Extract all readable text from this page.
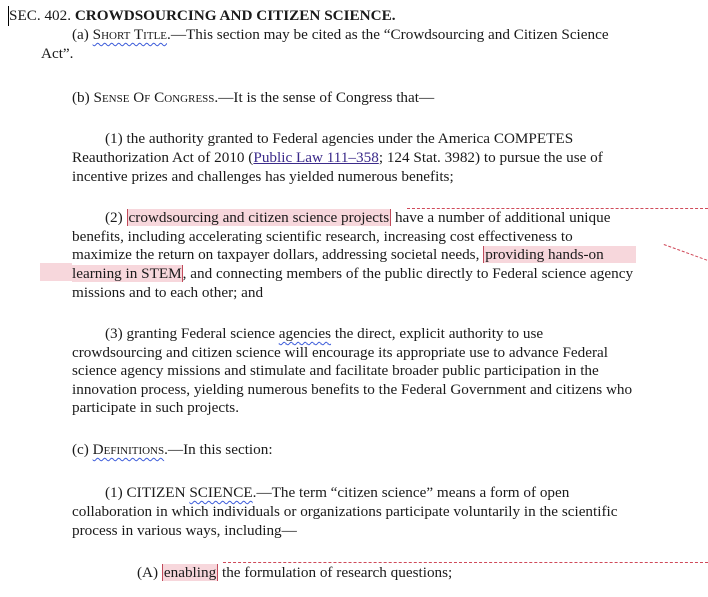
SEC. 402. CROWDSOURCING AND CITIZEN SCIENCE.
(a) Short Title.—This section may be cited as the “Crowdsourcing and Citizen Science
Act”.
(b) Sense Of Congress.—It is the sense of Congress that—
(1) the authority granted to Federal agencies under the America COMPETES
Reauthorization Act of 2010 (Public Law 111–358; 124 Stat. 3982) to pursue the use of
incentive prizes and challenges has yielded numerous benefits;
(2) crowdsourcing and citizen science projects have a number of additional unique
benefits, including accelerating scientific research, increasing cost effectiveness to
maximize the return on taxpayer dollars, addressing societal needs, providing hands-on
learning in STEM, and connecting members of the public directly to Federal science agency
missions and to each other; and
(3) granting Federal science agencies the direct, explicit authority to use
crowdsourcing and citizen science will encourage its appropriate use to advance Federal
science agency missions and stimulate and facilitate broader public participation in the
innovation process, yielding numerous benefits to the Federal Government and citizens who
participate in such projects.
(c) Definitions.—In this section:
(1) CITIZEN SCIENCE.—The term “citizen science” means a form of open
collaboration in which individuals or organizations participate voluntarily in the scientific
process in various ways, including—
(A) enabling the formulation of research questions;
